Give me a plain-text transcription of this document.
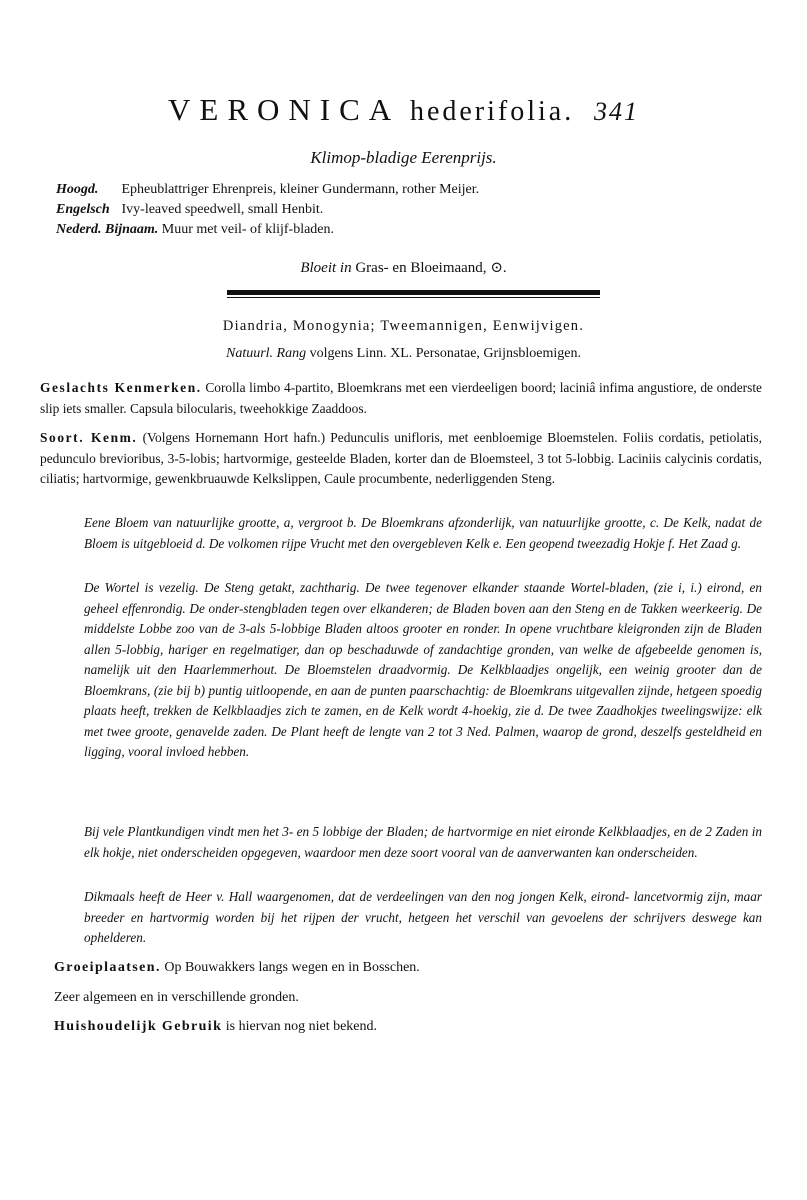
VERONICA hederifolia. 341
Klimop-bladige Eerenprijs.
Hoogd. Epheublattriger Ehrenpreis, kleiner Gundermann, rother Meijer.
Engelsch Ivy-leaved speedwell, small Henbit.
Nederd. Bijnaam. Muur met veil- of klijf-bladen.
Bloeit in Gras- en Bloeimaand, ⊙.
Diandria, Monogynia; Tweemannigen, Eenwijvigen.
Natuurl. Rang volgens Linn. XL. Personatae, Grijnsbloemigen.
Geslachts Kenmerken. Corolla limbo 4-partito, Bloemkrans met een vierdeeligen boord; laciniâ infima angustiore, de onderste slip iets smaller. Capsula bilocularis, tweehokkige Zaaddoos.
Soort. Kenm. (Volgens Hornemann Hort hafn.) Pedunculis unifloris, met eenbloemige Bloemstelen. Foliis cordatis, petiolatis, pedunculo brevioribus, 3-5-lobis; hartvormige, gesteelde Bladen, korter dan de Bloemsteel, 3 tot 5-lobbig. Laciniis calycinis cordatis, ciliatis; hartvormige, gewenkbruauwde Kelkslippen, Caule procumbente, nederliggenden Steng.
Eene Bloem van natuurlijke grootte, a, vergroot b. De Bloemkrans afzonderlijk, van natuurlijke grootte, c. De Kelk, nadat de Bloem is uitgebloeid d. De volkomen rijpe Vrucht met den overgebleven Kelk e. Een geopend tweezadig Hokje f. Het Zaad g.
De Wortel is vezelig. De Steng getakt, zachtharig. De twee tegenover elkander staande Wortel-bladen, (zie i, i.) eirond, en geheel effenrondig. De onder-stengbladen tegen over elkanderen; de Bladen boven aan den Steng en de Takken weerkeerig. De middelste Lobbe zoo van de 3-als 5-lobbige Bladen altoos grooter en ronder. In opene vruchtbare kleigronden zijn de Bladen allen 5-lobbig, hariger en regelmatiger, dan op beschaduwde of zandachtige gronden, van welke de afgebeelde genomen is, namelijk uit den Haarlemmerhout. De Bloemstelen draadvormig. De Kelkblaadjes ongelijk, een weinig grooter dan de Bloemkrans, (zie bij b) puntig uitloopende, en aan de punten paarschachtig: de Bloemkrans uitgevallen zijnde, hetgeen spoedig plaats heeft, trekken de Kelkblaadjes zich te zamen, en de Kelk wordt 4-hoekig, zie d. De twee Zaadhokjes tweelingswijze: elk met twee groote, genavelde zaden. De Plant heeft de lengte van 2 tot 3 Ned. Palmen, waarop de grond, deszelfs gesteldheid en ligging, vooral invloed hebben.
Bij vele Plantkundigen vindt men het 3- en 5 lobbige der Bladen; de hartvormige en niet eironde Kelkblaadjes, en de 2 Zaden in elk hokje, niet onderscheiden opgegeven, waardoor men deze soort vooral van de aanverwanten kan onderscheiden.
Dikmaals heeft de Heer v. Hall waargenomen, dat de verdeelingen van den nog jongen Kelk, eirond- lancetvormig zijn, maar breeder en hartvormig worden bij het rijpen der vrucht, hetgeen het verschil van gevoelens der schrijvers deswege kan ophelderen.
Groeiplaatsen. Op Bouwakkers langs wegen en in Bosschen.
Zeer algemeen en in verschillende gronden.
Huishoudelijk Gebruik is hiervan nog niet bekend.
